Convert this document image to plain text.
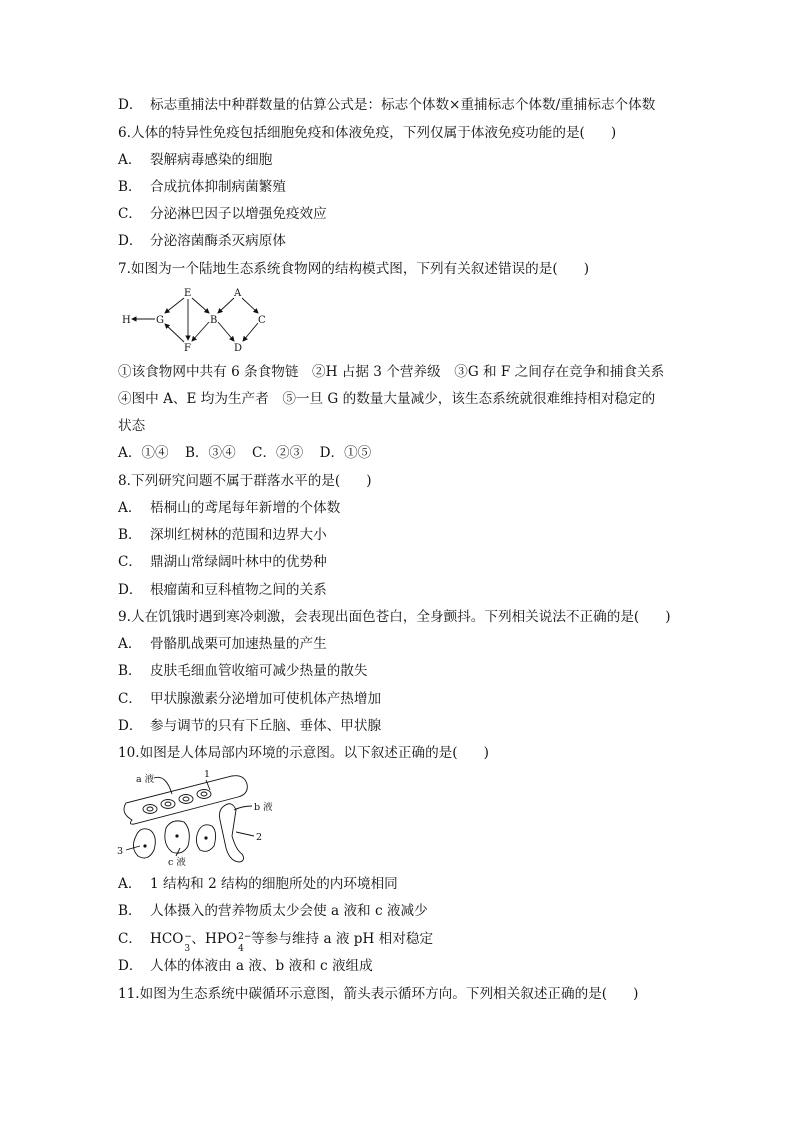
D． 标志重捕法中种群数量的估算公式是：标志个体数×重捕标志个体数/重捕标志个体数
6.人体的特异性免疫包括细胞免疫和体液免疫，下列仅属于体液免疫功能的是( )
A． 裂解病毒感染的细胞
B． 合成抗体抑制病菌繁殖
C． 分泌淋巴因子以增强免疫效应
D． 分泌溶菌酶杀灭病原体
7.如图为一个陆地生态系统食物网的结构模式图，下列有关叙述错误的是( )
H	G
E
F
B
A
C
D
①该食物网中共有 6 条食物链　②H 占据 3 个营养级　③G 和 F 之间存在竞争和捕食关系
④图中 A、E 均为生产者　⑤一旦 G 的数量大量减少，该生态系统就很难维持相对稳定的
状态
A．①④ B．③④ C．②③ D．①⑤
8.下列研究问题不属于群落水平的是( )
A． 梧桐山的鸢尾每年新增的个体数
B． 深圳红树林的范围和边界大小
C． 鼎湖山常绿阔叶林中的优势种
D． 根瘤菌和豆科植物之间的关系
9.人在饥饿时遇到寒冷刺激，会表现出面色苍白，全身颤抖。下列相关说法不正确的是( )
A． 骨骼肌战栗可加速热量的产生
B． 皮肤毛细血管收缩可减少热量的散失
C． 甲状腺激素分泌增加可使机体产热增加
D． 参与调节的只有下丘脑、垂体、甲状腺
10.如图是人体局部内环境的示意图。以下叙述正确的是( )
a 液	1
b 液
2
3
c 液
A． 1 结构和 2 结构的细胞所处的内环境相同
B． 人体摄入的营养物质太少会使 a 液和 c 液减少
C． HCO −
3
、HPO 2−
4
等参与维持 a 液 pH 相对稳定
D． 人体的体液由 a 液、b 液和 c 液组成
11.如图为生态系统中碳循环示意图，箭头表示循环方向。下列相关叙述正确的是( )
